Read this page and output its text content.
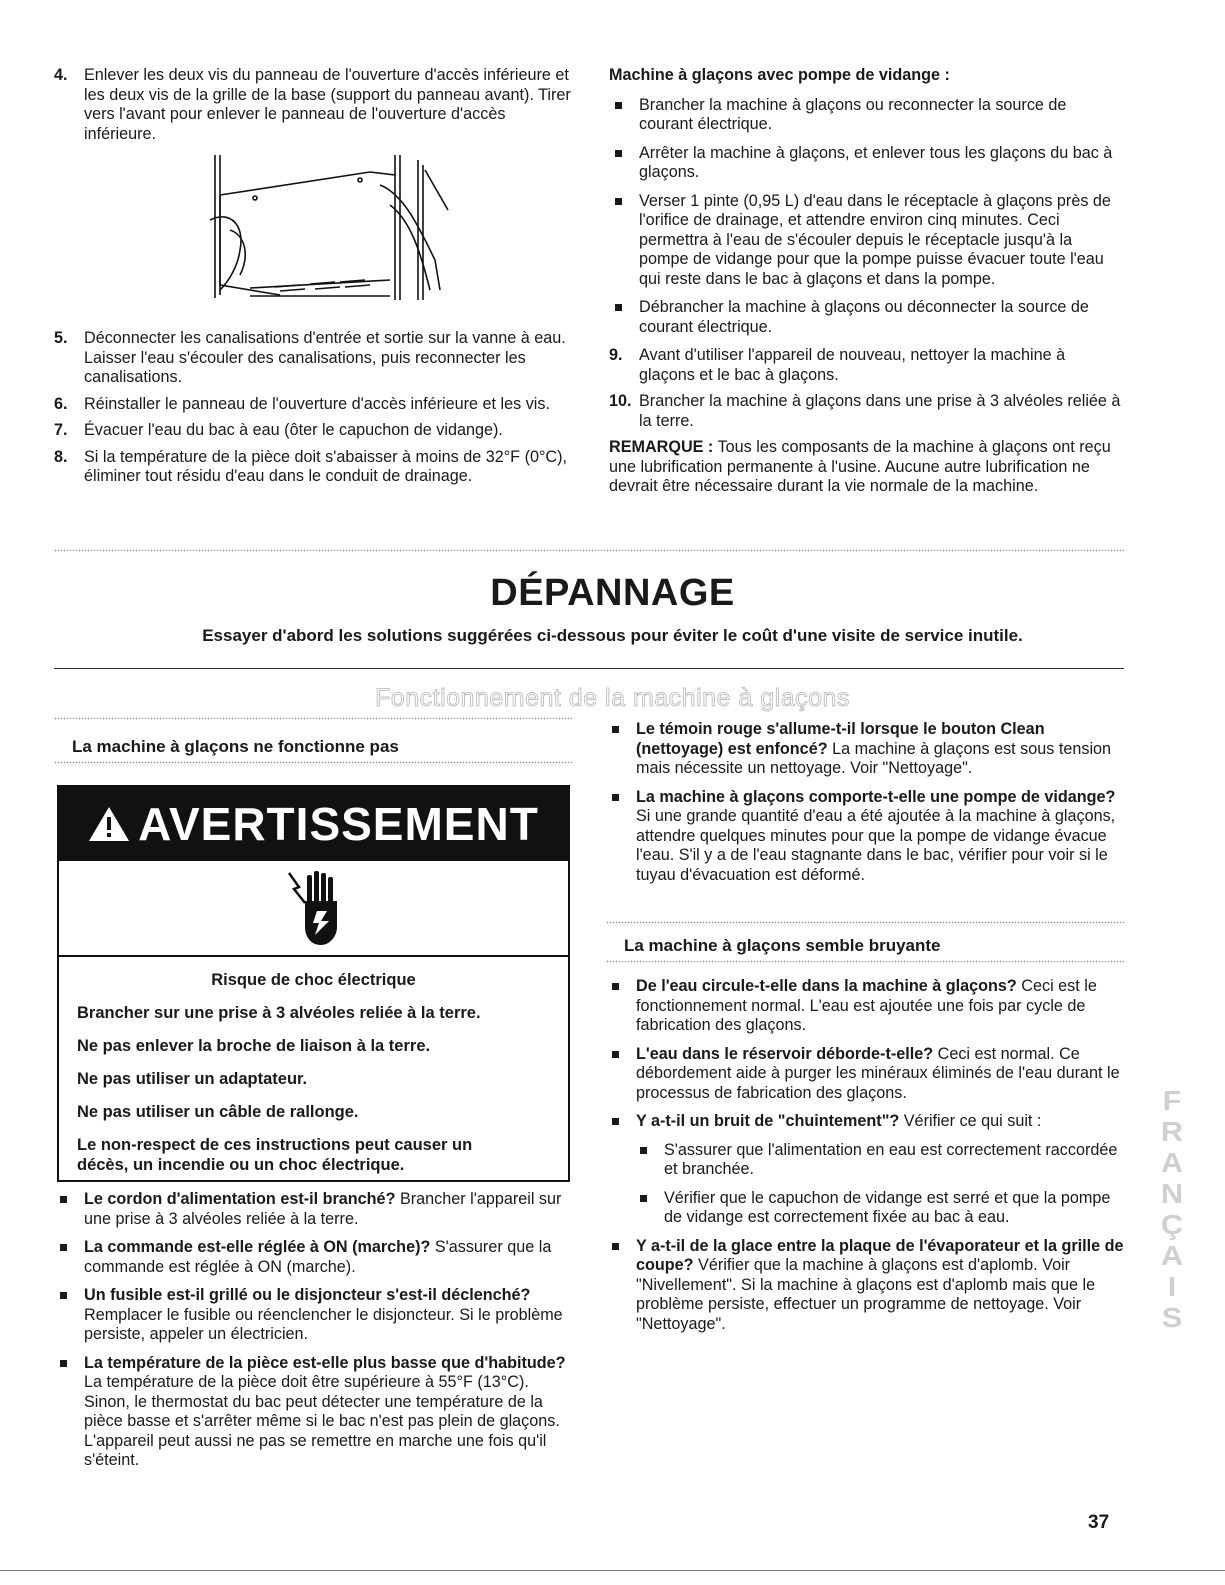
4. Enlever les deux vis du panneau de l'ouverture d'accès inférieure et les deux vis de la grille de la base (support du panneau avant). Tirer vers l'avant pour enlever le panneau de l'ouverture d'accès inférieure.
5. Déconnecter les canalisations d'entrée et sortie sur la vanne à eau. Laisser l'eau s'écouler des canalisations, puis reconnecter les canalisations.
6. Réinstaller le panneau de l'ouverture d'accès inférieure et les vis.
7. Évacuer l'eau du bac à eau (ôter le capuchon de vidange).
8. Si la température de la pièce doit s'abaisser à moins de 32°F (0°C), éliminer tout résidu d'eau dans le conduit de drainage.
Machine à glaçons avec pompe de vidange :
Brancher la machine à glaçons ou reconnecter la source de courant électrique.
Arrêter la machine à glaçons, et enlever tous les glaçons du bac à glaçons.
Verser 1 pinte (0,95 L) d'eau dans le réceptacle à glaçons près de l'orifice de drainage, et attendre environ cinq minutes. Ceci permettra à l'eau de s'écouler depuis le réceptacle jusqu'à la pompe de vidange pour que la pompe puisse évacuer toute l'eau qui reste dans le bac à glaçons et dans la pompe.
Débrancher la machine à glaçons ou déconnecter la source de courant électrique.
9. Avant d'utiliser l'appareil de nouveau, nettoyer la machine à glaçons et le bac à glaçons.
10. Brancher la machine à glaçons dans une prise à 3 alvéoles reliée à la terre.
REMARQUE : Tous les composants de la machine à glaçons ont reçu une lubrification permanente à l'usine. Aucune autre lubrification ne devrait être nécessaire durant la vie normale de la machine.
DÉPANNAGE
Essayer d'abord les solutions suggérées ci-dessous pour éviter le coût d'une visite de service inutile.
Fonctionnement de la machine à glaçons
La machine à glaçons ne fonctionne pas
AVERTISSEMENT
Risque de choc électrique
Brancher sur une prise à 3 alvéoles reliée à la terre.
Ne pas enlever la broche de liaison à la terre.
Ne pas utiliser un adaptateur.
Ne pas utiliser un câble de rallonge.
Le non-respect de ces instructions peut causer un décès, un incendie ou un choc électrique.
Le cordon d'alimentation est-il branché? Brancher l'appareil sur une prise à 3 alvéoles reliée à la terre.
La commande est-elle réglée à ON (marche)? S'assurer que la commande est réglée à ON (marche).
Un fusible est-il grillé ou le disjoncteur s'est-il déclenché? Remplacer le fusible ou réenclencher le disjoncteur. Si le problème persiste, appeler un électricien.
La température de la pièce est-elle plus basse que d'habitude? La température de la pièce doit être supérieure à 55°F (13°C). Sinon, le thermostat du bac peut détecter une température de la pièce basse et s'arrêter même si le bac n'est pas plein de glaçons. L'appareil peut aussi ne pas se remettre en marche une fois qu'il s'éteint.
Le témoin rouge s'allume-t-il lorsque le bouton Clean (nettoyage) est enfoncé? La machine à glaçons est sous tension mais nécessite un nettoyage. Voir "Nettoyage".
La machine à glaçons comporte-t-elle une pompe de vidange? Si une grande quantité d'eau a été ajoutée à la machine à glaçons, attendre quelques minutes pour que la pompe de vidange évacue l'eau. S'il y a de l'eau stagnante dans le bac, vérifier pour voir si le tuyau d'évacuation est déformé.
La machine à glaçons semble bruyante
De l'eau circule-t-elle dans la machine à glaçons? Ceci est le fonctionnement normal. L'eau est ajoutée une fois par cycle de fabrication des glaçons.
L'eau dans le réservoir déborde-t-elle? Ceci est normal. Ce débordement aide à purger les minéraux éliminés de l'eau durant le processus de fabrication des glaçons.
Y a-t-il un bruit de "chuintement"? Vérifier ce qui suit :
S'assurer que l'alimentation en eau est correctement raccordée et branchée.
Vérifier que le capuchon de vidange est serré et que la pompe de vidange est correctement fixée au bac à eau.
Y a-t-il de la glace entre la plaque de l'évaporateur et la grille de coupe? Vérifier que la machine à glaçons est d'aplomb. Voir "Nivellement". Si la machine à glaçons est d'aplomb mais que le problème persiste, effectuer un programme de nettoyage. Voir "Nettoyage".
F
R
A
N
Ç
A
I
S
37
